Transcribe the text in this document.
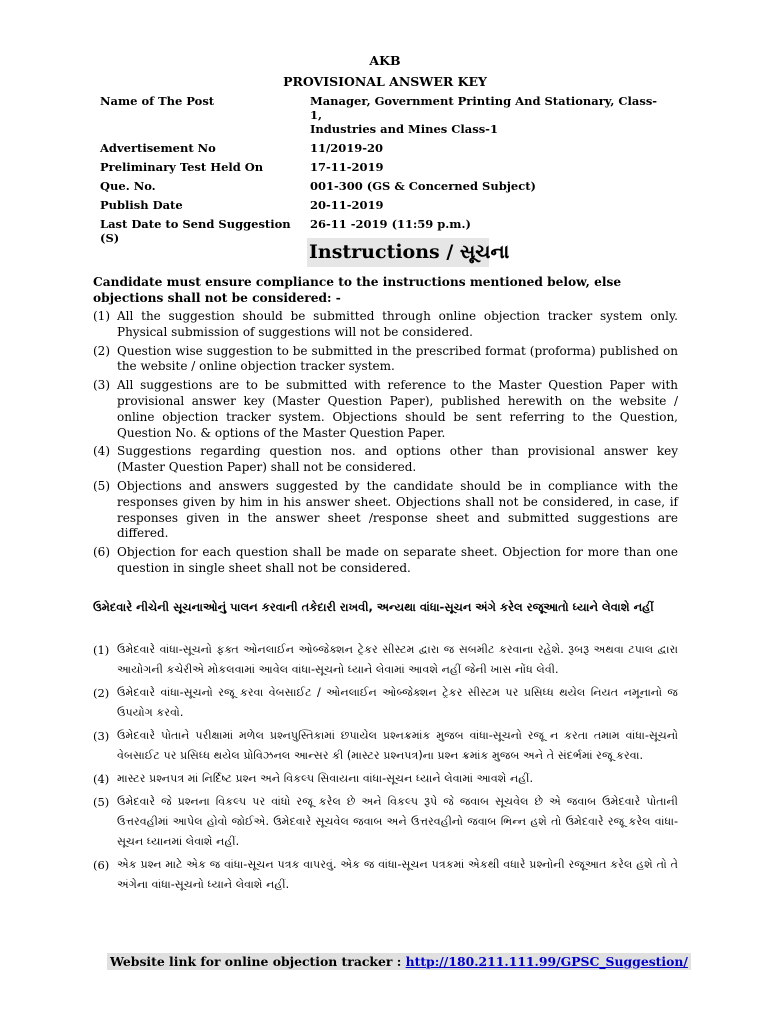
AKB
PROVISIONAL ANSWER KEY
Name of The Post	Manager, Government Printing And Stationary, Class-1,
Industries and Mines Class-1

Advertisement No	11/2019-20
Preliminary Test Held On	17-11-2019
Que. No.	001-300 (GS & Concerned Subject)
Publish Date	20-11-2019
Last Date to Send Suggestion (S)	26-11 -2019 (11:59 p.m.)
Instructions / સૂચના

Candidate must ensure compliance to the instructions mentioned below, else objections shall not be considered: -

(1) All the suggestion should be submitted through online objection tracker system only. Physical submission of suggestions will not be considered.
(2) Question wise suggestion to be submitted in the prescribed format (proforma) published on the website / online objection tracker system.
(3) All suggestions are to be submitted with reference to the Master Question Paper with provisional answer key (Master Question Paper), published herewith on the website / online objection tracker system. Objections should be sent referring to the Question, Question No. & options of the Master Question Paper.
(4) Suggestions regarding question nos. and options other than provisional answer key (Master Question Paper) shall not be considered.
(5) Objections and answers suggested by the candidate should be in compliance with the responses given by him in his answer sheet. Objections shall not be considered, in case, if responses given in the answer sheet /response sheet and submitted suggestions are differed.
(6) Objection for each question shall be made on separate sheet. Objection for more than one question in single sheet shall not be considered.

ઉમેદવારે નીચેની સૂચનાઓનું પાલન કરવાની તકેદારી રાખવી, અન્યથા વાંધા-સૂચન અંગે કરેલ રજૂઆતો ધ્યાને લેવાશે નહીં

(1) ઉમેદવારે વાંધા-સૂચનો ફક્ત ઓનલાઈન ઓબ્જેક્શન ટ્રેકર સીસ્ટમ દ્વારા જ સબમીટ કરવાના રહેશે. રૂબરૂ અથવા ટપાલ દ્વારા આયોગની કચેરીએ મોકલવામાં આવેલ વાંધા-સૂચનો ધ્યાને લેવામાં આવશે નહીં જેની ખાસ નોંધ લેવી.
(2) ઉમેદવારે વાંધા-સૂચનો રજૂ કરવા વેબસાઈટ / ઓનલાઈન ઓબ્જેક્શન ટ્રેકર સીસ્ટમ પર પ્રસિધ્ધ થયેલ નિયત નમૂનાનો જ ઉપયોગ કરવો.
(3) ઉમેદવારે પોતાને પરીક્ષામાં મળેલ પ્રશ્નપુસ્તિકામાં છપાયેલ પ્રશ્નક્રમાંક મુજબ વાંધા-સૂચનો રજૂ ન કરતા તમામ વાંધા-સૂચનો વેબસાઈટ પર પ્રસિધ્ધ થયેલ પ્રોવિઝનલ આન્સર કી (માસ્ટર પ્રશ્નપત્ર)ના પ્રશ્ન ક્રમાંક મુજબ અને તે સંદર્ભમાં રજૂ કરવા.
(4) માસ્ટર પ્રશ્નપત્ર માં નિર્દિષ્ટ પ્રશ્ન અને વિકલ્પ સિવાયના વાંધા-સૂચન ધ્યાને લેવામાં આવશે નહીં.
(5) ઉમેદવારે જે પ્રશ્નના વિકલ્પ પર વાંધો રજૂ કરેલ છે અને વિકલ્પ રૂપે જે જવાબ સૂચવેલ છે એ જવાબ ઉમેદવારે પોતાની ઉત્તરવહીમાં આપેલ હોવો જોઈએ. ઉમેદવારે સૂચવેલ જવાબ અને ઉત્તરવહીનો જવાબ ભિન્ન હશે તો ઉમેદવારે રજૂ કરેલ વાંધા-સૂચન ધ્યાનમાં લેવાશે નહીં.
(6) એક પ્રશ્ન માટે એક જ વાંધા-સૂચન પત્રક વાપરવું. એક જ વાંધા-સૂચન પત્રકમાં એકથી વધારે પ્રશ્નોની રજૂઆત કરેલ હશે તો તે અંગેના વાંધા-સૂચનો ધ્યાને લેવાશે નહીં.
Website link for online objection tracker : http://180.211.111.99/GPSC_Suggestion/
